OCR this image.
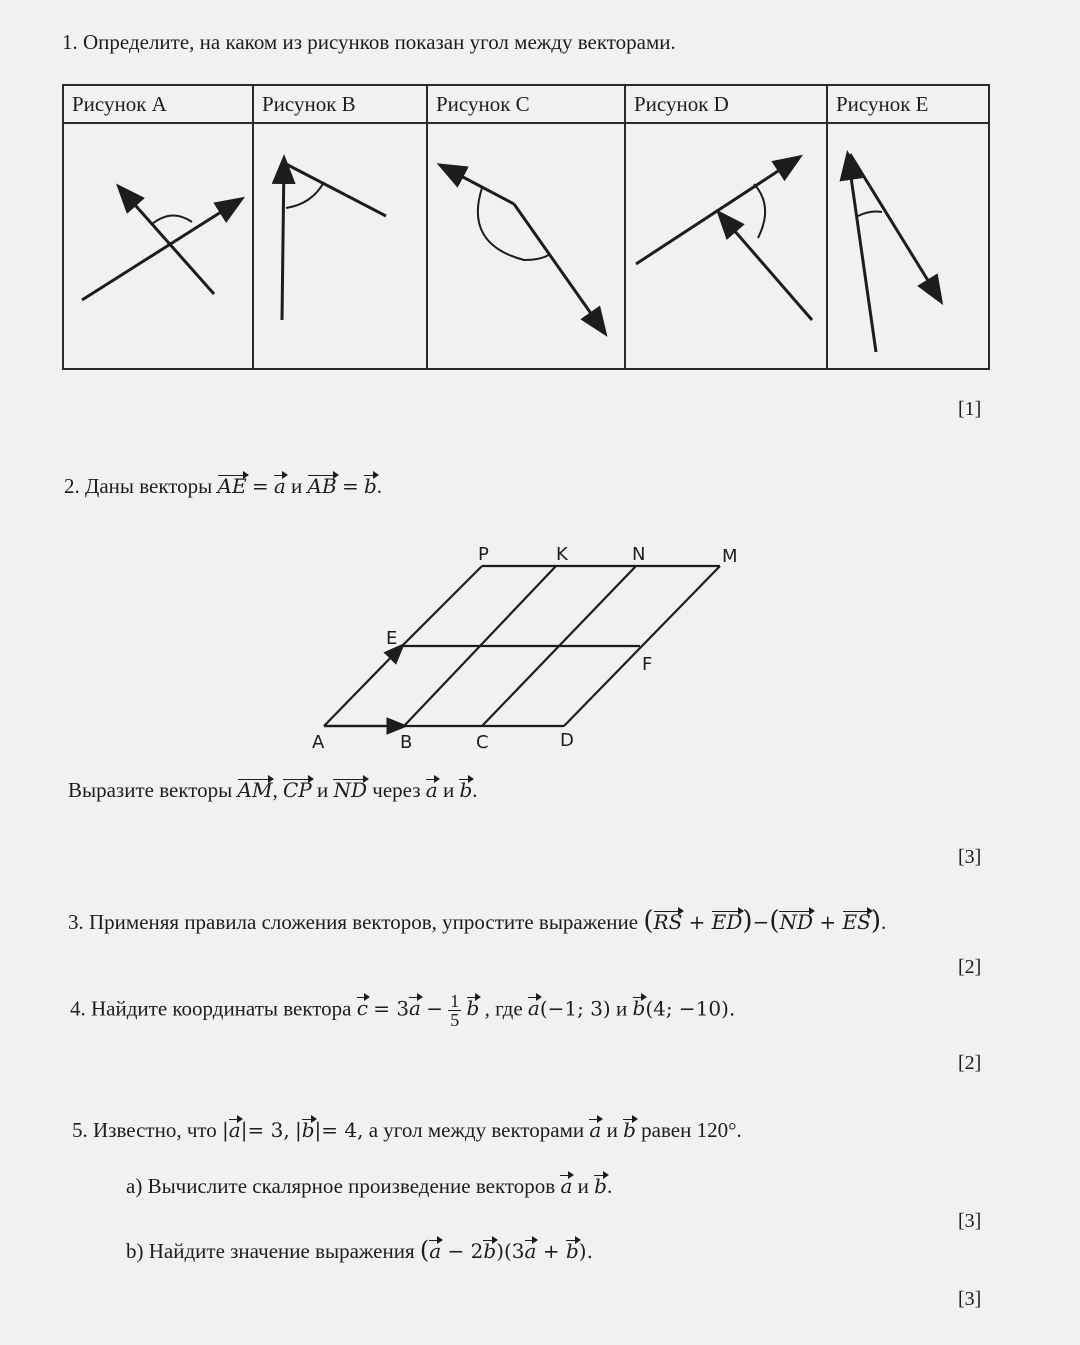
1. Определите, на каком из рисунков показан угол между векторами.
Рисунок A	Рисунок B	Рисунок C	Рисунок D	Рисунок E

[1]
2. Даны векторы AE = a и AB = b.
P	K	N	M
E
F
A	B	C	D
Выразите векторы AM, CP и ND через a и b.
[3]
3. Применяя правила сложения векторов, упростите выражение (RS + ED)−(ND + ES).
[2]
4. Найдите координаты вектора $c = 3a - \frac{1}{5}$ b , где a(−1; 3) и b(4; −10).
[2]
5. Известно, что |a|= 3, |b|= 4, а угол между векторами a и b равен 120°.
а) Вычислите скалярное произведение векторов a и b.
[3]
b) Найдите значение выражения (a − 2b)(3a + b).
[3]
